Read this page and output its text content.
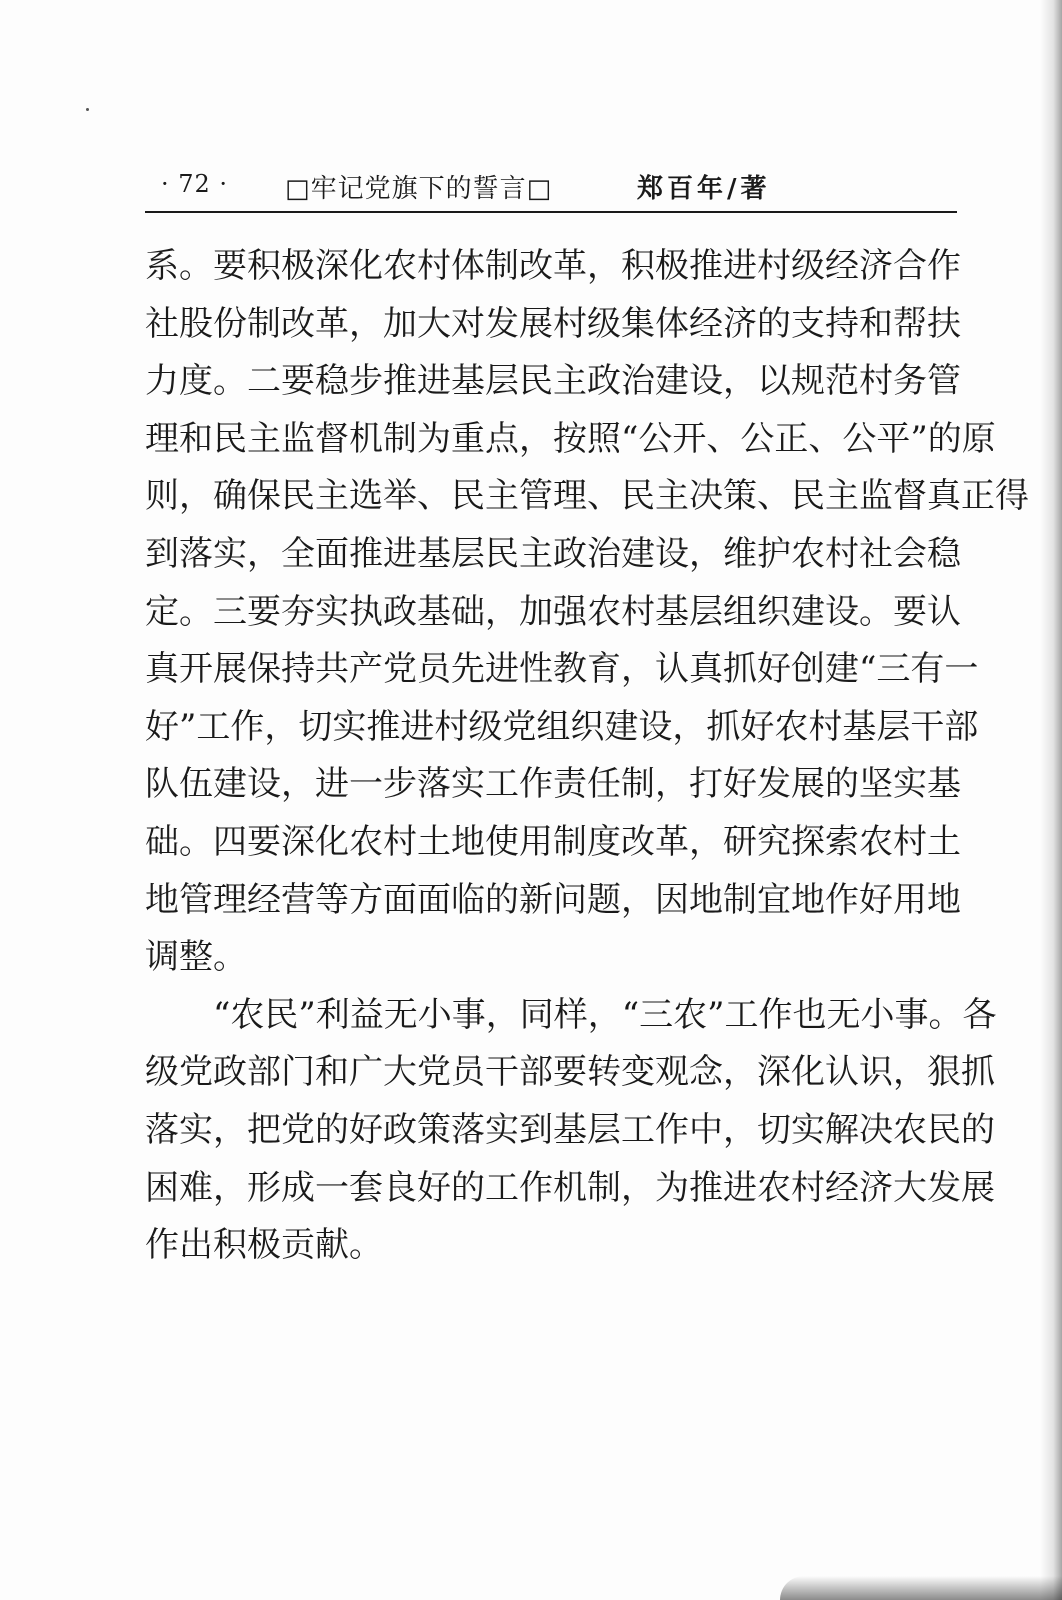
· 72 · □牢记党旗下的誓言□	郑百年/著
系。要积极深化农村体制改革，积极推进村级经济合作
社股份制改革，加大对发展村级集体经济的支持和帮扶
力度。二要稳步推进基层民主政治建设，以规范村务管
理和民主监督机制为重点，按照“公开、公正、公平”的原
则，确保民主选举、民主管理、民主决策、民主监督真正得
到落实，全面推进基层民主政治建设，维护农村社会稳
定。三要夯实执政基础，加强农村基层组织建设。要认
真开展保持共产党员先进性教育，认真抓好创建“三有一
好”工作，切实推进村级党组织建设，抓好农村基层干部
队伍建设，进一步落实工作责任制，打好发展的坚实基
础。四要深化农村土地使用制度改革，研究探索农村土
地管理经营等方面面临的新问题，因地制宜地作好用地
调整。
“农民”利益无小事，同样，“三农”工作也无小事。各
级党政部门和广大党员干部要转变观念，深化认识，狠抓
落实，把党的好政策落实到基层工作中，切实解决农民的
困难，形成一套良好的工作机制，为推进农村经济大发展
作出积极贡献。
